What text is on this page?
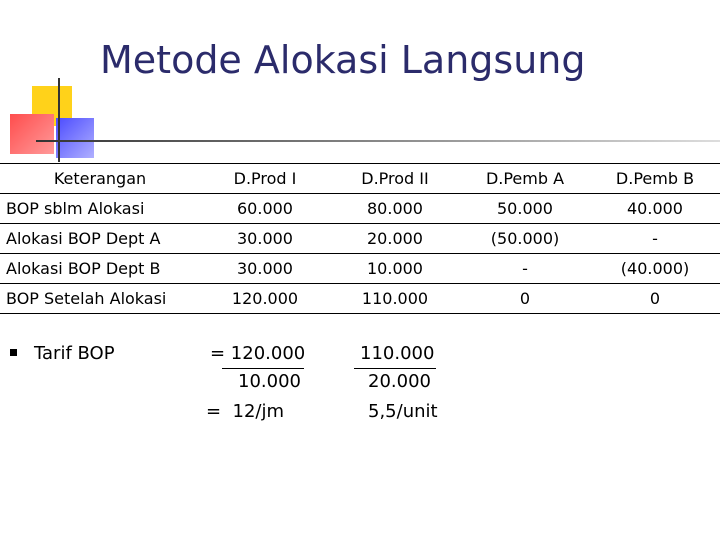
Metode Alokasi Langsung
Keterangan	D.Prod I	D.Prod II	D.Pemb A	D.Pemb B
BOP sblm Alokasi	60.000	80.000	50.000	40.000
Alokasi BOP Dept A	30.000	20.000	(50.000)	-
Alokasi BOP Dept B	30.000	10.000	-	(40.000)
BOP Setelah Alokasi	120.000	110.000	0	0
Tarif BOP	= 120.000
10.000
=  12/jm
110.000
20.000
5,5/unit
